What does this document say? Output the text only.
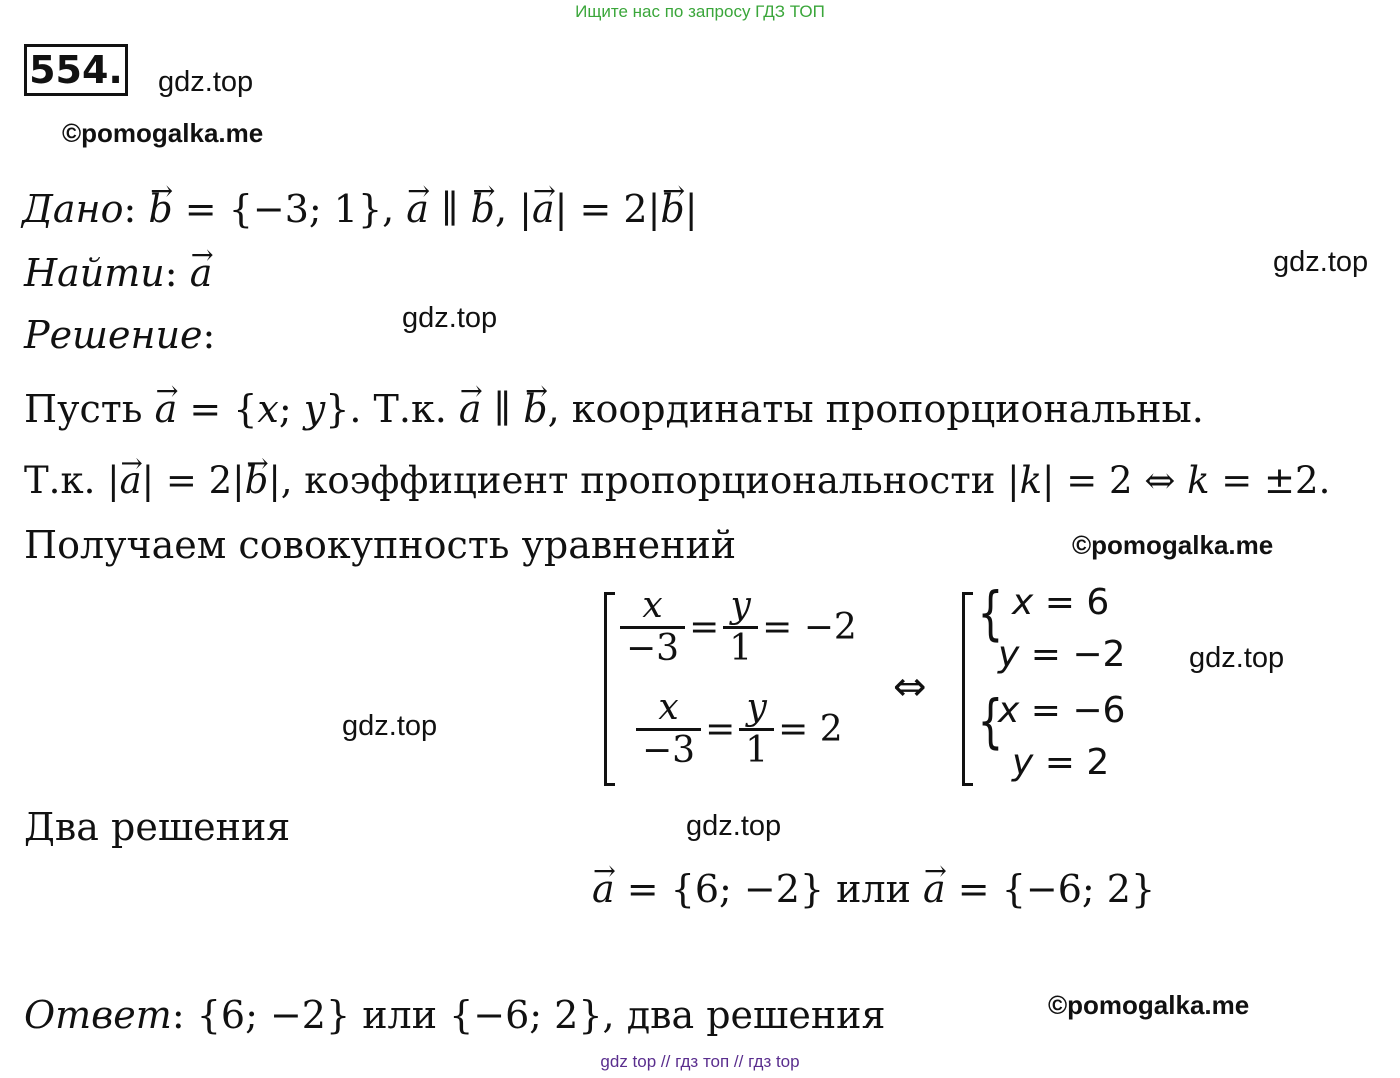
Ищите нас по запросу ГДЗ ТОП
554. gdz.top
©pomogalka.me
Дано: → b = {−3; 1}, → a ∥ → b, |→ a| = 2|→ b|
Найти: → a	gdz.top
Решение:	gdz.top
Пусть → a = {x; y}. Т.к. → a ∥ → b, координаты пропорциональны.
Т.к. |→ a| = 2|→ b|, коэффициент пропорциональности |k| = 2 ⇔ k = ±2.
Получаем совокупность уравнений	©pomogalka.me
$\frac{x}{-3} = \frac{y}{1} = -2$
$\frac{x}{-3} = \frac{y}{1} = 2$
⇔
{
{
x = 6
y = −2
x = −6
y = 2
gdz.top
gdz.top
Два решения	gdz.top
→ a = {6; −2} или → a = {−6; 2}
Ответ: {6; −2} или {−6; 2}, два решения	©pomogalka.me
gdz top // гдз топ // гдз top
